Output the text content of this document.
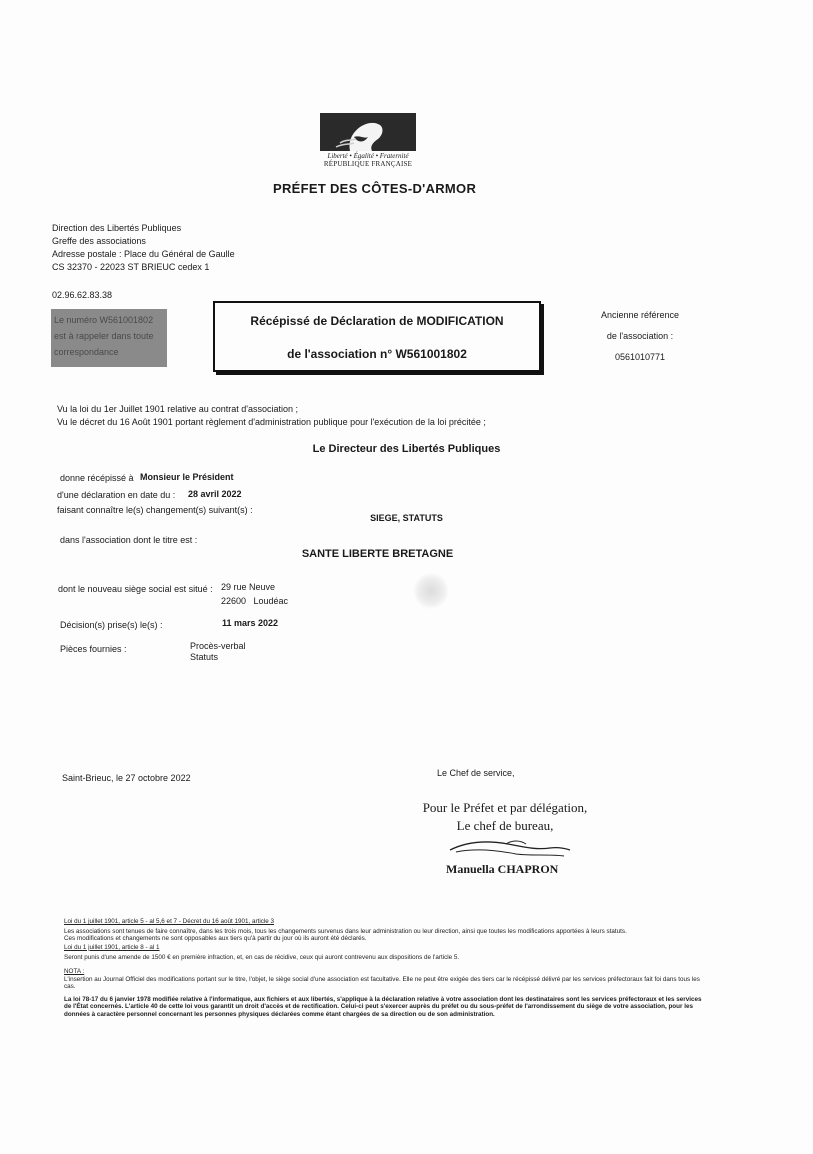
Liberté • Égalité • Fraternité
RÉPUBLIQUE FRANÇAISE
PRÉFET DES CÔTES-D'ARMOR
Direction des Libertés Publiques
Greffe des associations
Adresse postale : Place du Général de Gaulle
CS 32370 - 22023 ST BRIEUC cedex 1
02.96.62.83.38
Le numéro W561001802
est à rappeler dans toute
correspondance
Récépissé de Déclaration de MODIFICATION
de l'association n° W561001802
Ancienne référence
de l'association :
0561010771
Vu la loi du 1er Juillet 1901 relative au contrat d'association ;
Vu le décret du 16 Août 1901 portant règlement d'administration publique pour l'exécution de la loi précitée ;
Le Directeur des Libertés Publiques
donne récépissé à Monsieur le Président
d'une déclaration en date du : 28 avril 2022
faisant connaître le(s) changement(s) suivant(s) :
SIEGE, STATUTS
dans l'association dont le titre est :
SANTE LIBERTE BRETAGNE
dont le nouveau siège social est situé : 29 rue Neuve
22600   Loudéac
Décision(s) prise(s) le(s) :	11 mars 2022
Pièces fournies :	Procès-verbal
Statuts
Saint-Brieuc, le 27 octobre 2022	Le Chef de service,
Pour le Préfet et par délégation,
Le chef de bureau,
Manuella CHAPRON

Loi du 1 juillet 1901, article 5 - al 5,6 et 7 - Décret du 16 août 1901, article 3

Les associations sont tenues de faire connaître, dans les trois mois, tous les changements survenus dans leur administration ou leur direction, ainsi que toutes les modifications apportées à leurs statuts.

Ces modifications et changements ne sont opposables aux tiers qu'à partir du jour où ils auront été déclarés.

Loi du 1 juillet 1901, article 8 - al 1

Seront punis d'une amende de 1500 € en première infraction, et, en cas de récidive, ceux qui auront contrevenu aux dispositions de l'article 5.

NOTA :

L'insertion au Journal Officiel des modifications portant sur le titre, l'objet, le siège social d'une association est facultative. Elle ne peut être exigée des tiers car le récépissé délivré par les services préfectoraux fait foi dans tous les cas.

La loi 78-17 du 6 janvier 1978 modifiée relative à l'informatique, aux fichiers et aux libertés, s'applique à la déclaration relative à votre association dont les destinataires sont les services préfectoraux et les services de l'État concernés. L'article 40 de cette loi vous garantit un droit d'accès et de rectification. Celui-ci peut s'exercer auprès du préfet ou du sous-préfet de l'arrondissement du siège de votre association, pour les données à caractère personnel concernant les personnes physiques déclarées comme étant chargées de sa direction ou de son administration.
